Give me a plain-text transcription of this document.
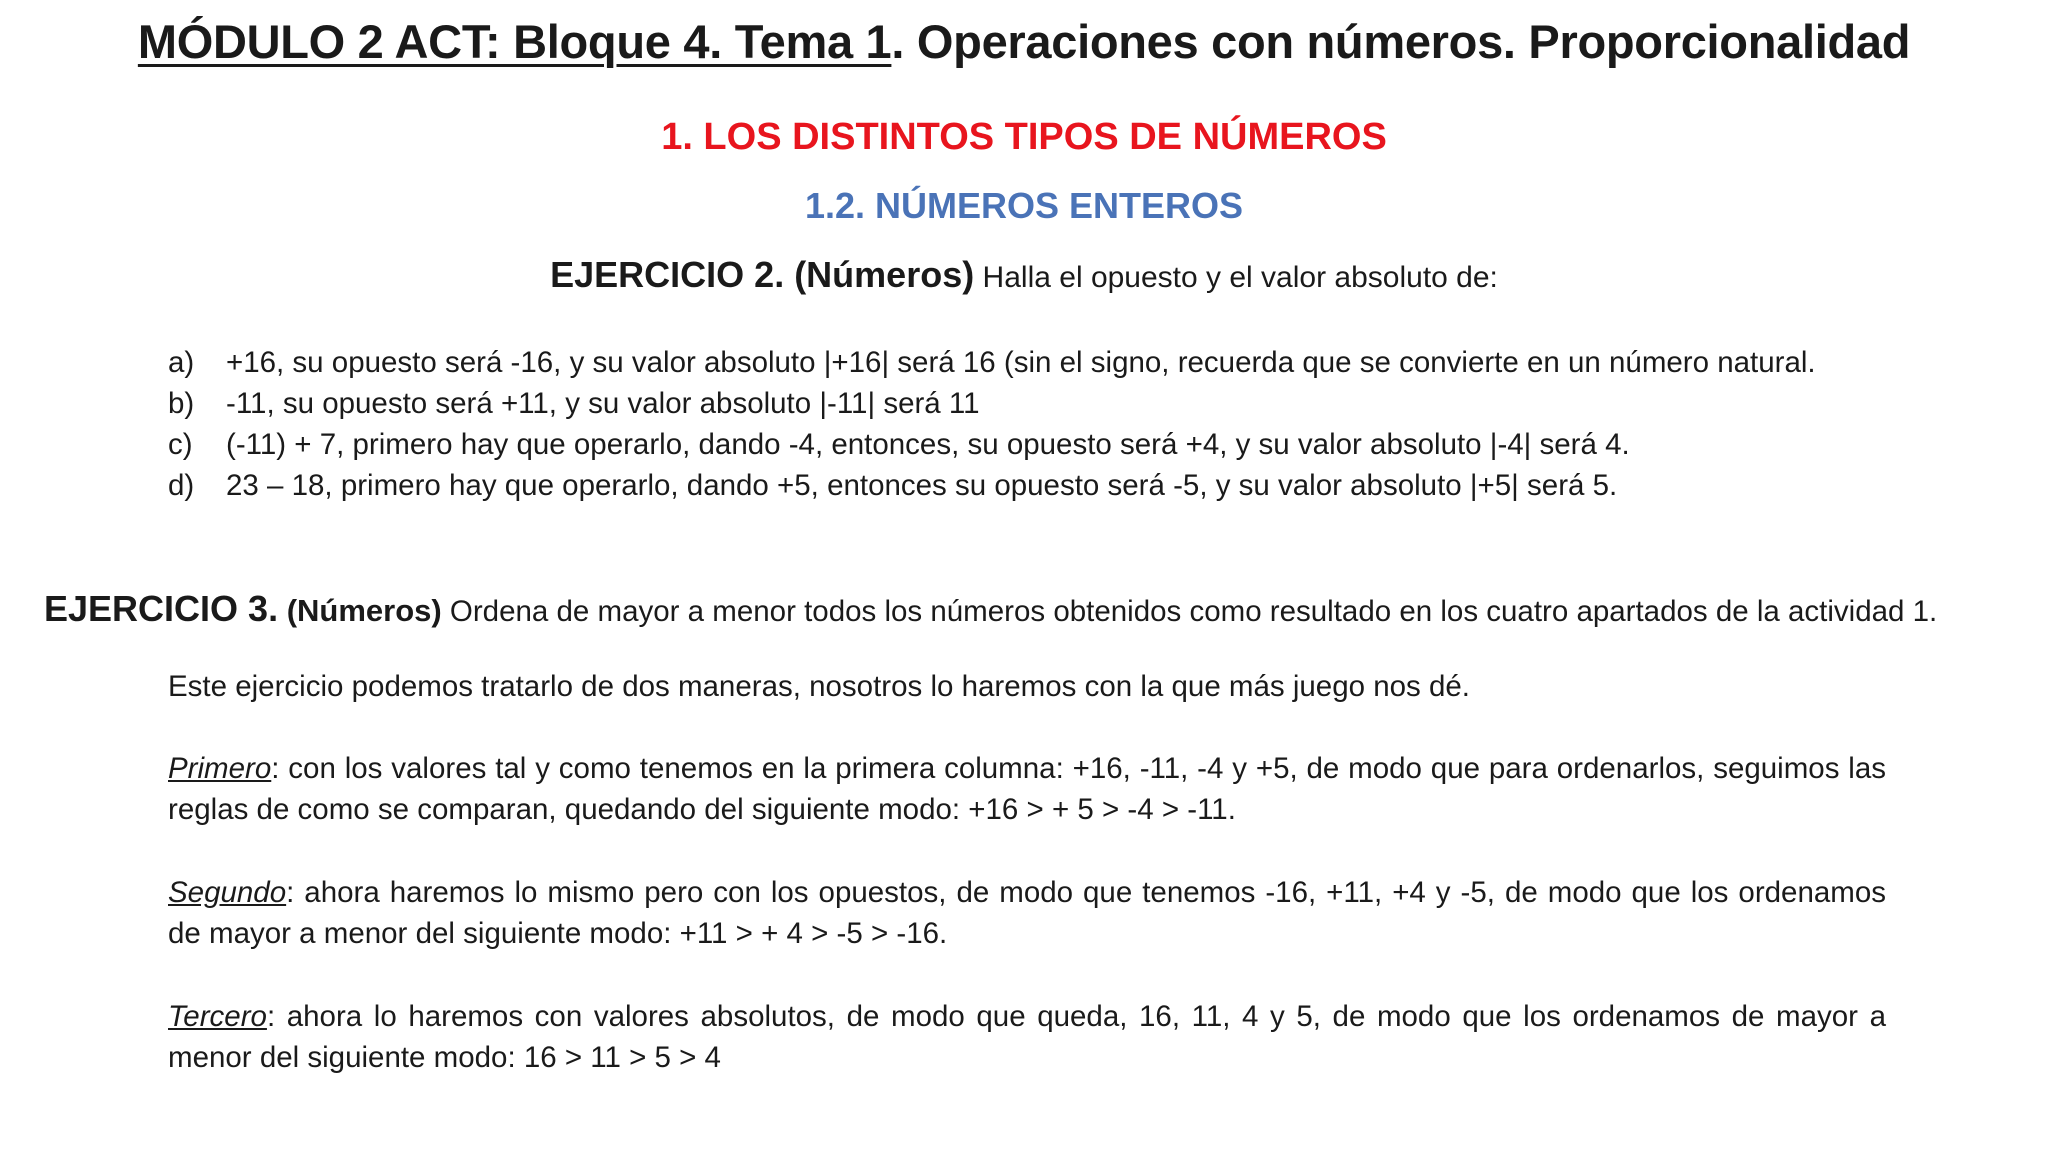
MÓDULO 2 ACT: Bloque 4. Tema 1. Operaciones con números. Proporcionalidad
1. LOS DISTINTOS TIPOS DE NÚMEROS
1.2. NÚMEROS ENTEROS
EJERCICIO 2. (Números) Halla el opuesto y el valor absoluto de:
a)	+16, su opuesto será -16, y su valor absoluto |+16| será 16 (sin el signo, recuerda que se convierte en un número natural.
b)	-11, su opuesto será +11, y su valor absoluto |-11| será 11
c)	(-11) + 7, primero hay que operarlo, dando -4, entonces, su opuesto será +4, y su valor absoluto |-4| será 4.
d)	23 – 18, primero hay que operarlo, dando +5, entonces su opuesto será -5, y su valor absoluto |+5| será 5.
EJERCICIO 3. (Números) Ordena de mayor a menor todos los números obtenidos como resultado en los cuatro apartados de la actividad 1.

Este ejercicio podemos tratarlo de dos maneras, nosotros lo haremos con la que más juego nos dé.

Primero: con los valores tal y como tenemos en la primera columna: +16, -11, -4 y +5, de modo que para ordenarlos, seguimos las reglas de como se comparan, quedando del siguiente modo: +16 > + 5 > -4 > -11.

Segundo: ahora haremos lo mismo pero con los opuestos, de modo que tenemos -16, +11, +4 y -5, de modo que los ordenamos de mayor a menor del siguiente modo: +11 > + 4 > -5 > -16.

Tercero: ahora lo haremos con valores absolutos, de modo que queda, 16, 11, 4 y 5, de modo que los ordenamos de mayor a menor del siguiente modo: 16 > 11 > 5 > 4
